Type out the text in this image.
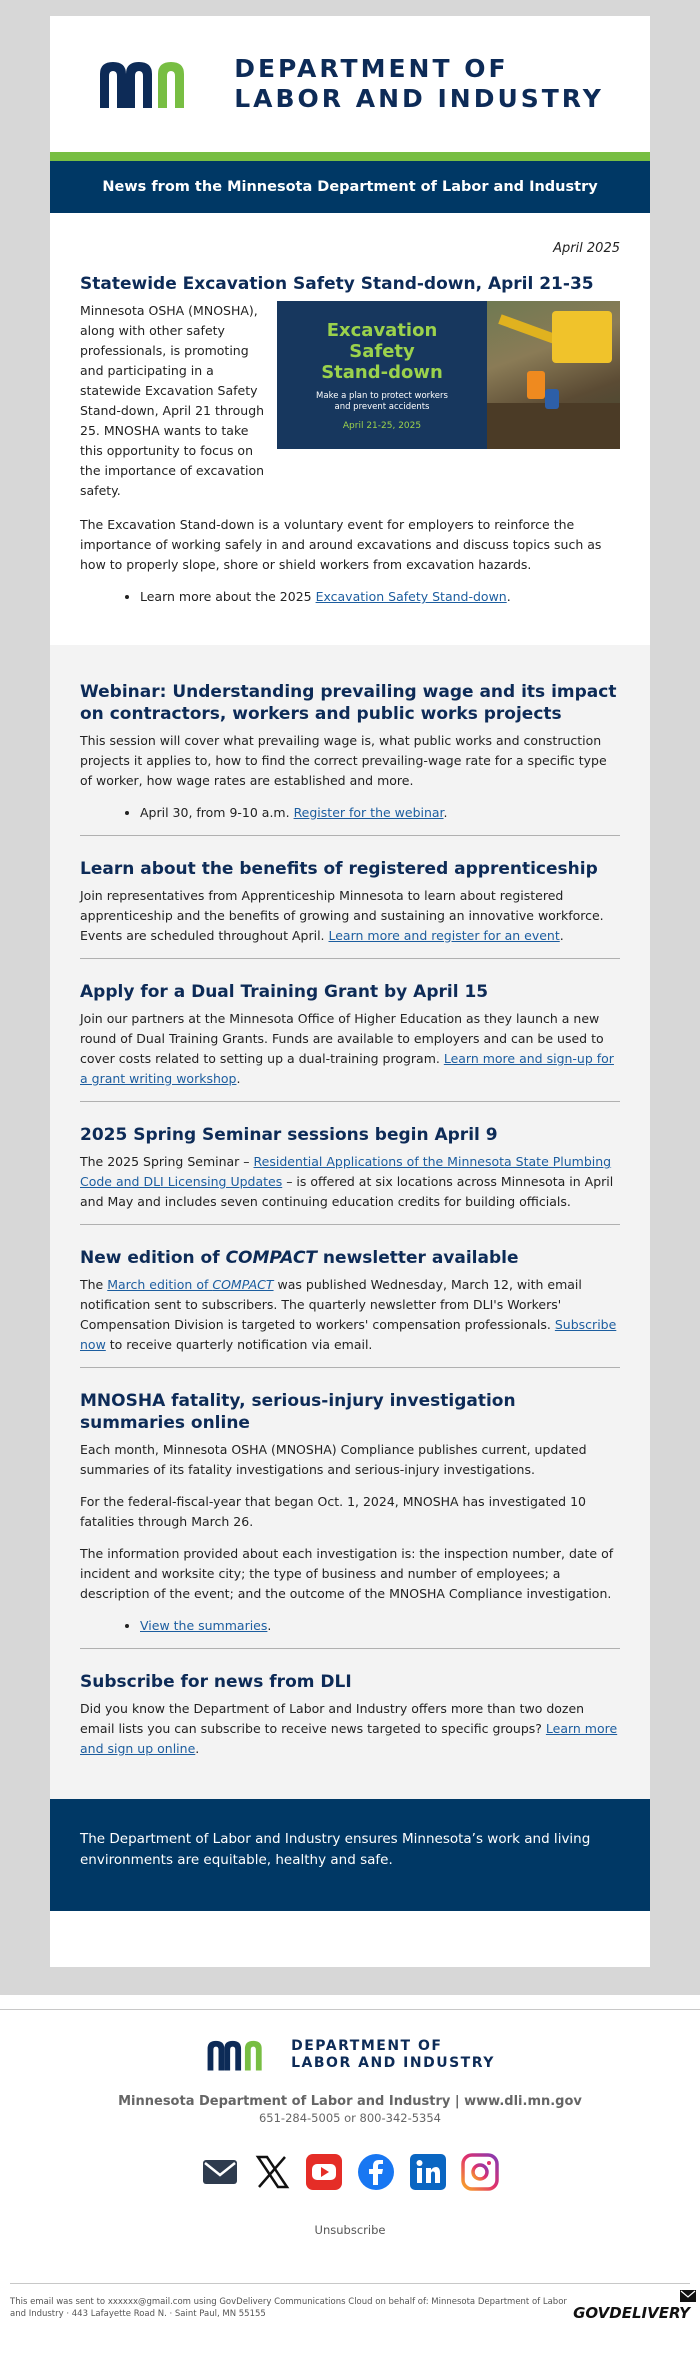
DEPARTMENT OF
LABOR AND INDUSTRY
News from the Minnesota Department of Labor and Industry

April 2025

Statewide Excavation Safety Stand-down, April 21-35

Minnesota OSHA (MNOSHA), along with other safety professionals, is promoting and participating in a statewide Excavation Safety Stand-down, April 21 through 25. MNOSHA wants to take this opportunity to focus on the importance of excavation safety.

Excavation
Safety
Stand-down
Make a plan to protect workers
and prevent accidents
April 21-25, 2025

The Excavation Stand-down is a voluntary event for employers to reinforce the importance of working safely in and around excavations and discuss topics such as how to properly slope, shore or shield workers from excavation hazards.

• Learn more about the 2025 Excavation Safety Stand-down.
Webinar: Understanding prevailing wage and its impact on contractors, workers and public works projects

This session will cover what prevailing wage is, what public works and construction projects it applies to, how to find the correct prevailing-wage rate for a specific type of worker, how wage rates are established and more.

• April 30, from 9-10 a.m. Register for the webinar.
Learn about the benefits of registered apprenticeship

Join representatives from Apprenticeship Minnesota to learn about registered apprenticeship and the benefits of growing and sustaining an innovative workforce. Events are scheduled throughout April. Learn more and register for an event.

Apply for a Dual Training Grant by April 15

Join our partners at the Minnesota Office of Higher Education as they launch a new round of Dual Training Grants. Funds are available to employers and can be used to cover costs related to setting up a dual-training program. Learn more and sign-up for a grant writing workshop.

2025 Spring Seminar sessions begin April 9

The 2025 Spring Seminar – Residential Applications of the Minnesota State Plumbing Code and DLI Licensing Updates – is offered at six locations across Minnesota in April and May and includes seven continuing education credits for building officials.

New edition of COMPACT newsletter available

The March edition of COMPACT was published Wednesday, March 12, with email notification sent to subscribers. The quarterly newsletter from DLI's Workers' Compensation Division is targeted to workers' compensation professionals. Subscribe now to receive quarterly notification via email.

MNOSHA fatality, serious-injury investigation summaries online

Each month, Minnesota OSHA (MNOSHA) Compliance publishes current, updated summaries of its fatality investigations and serious-injury investigations.

For the federal-fiscal-year that began Oct. 1, 2024, MNOSHA has investigated 10 fatalities through March 26.

The information provided about each investigation is: the inspection number, date of incident and worksite city; the type of business and number of employees; a description of the event; and the outcome of the MNOSHA Compliance investigation.

• View the summaries.
Subscribe for news from DLI

Did you know the Department of Labor and Industry offers more than two dozen email lists you can subscribe to receive news targeted to specific groups? Learn more and sign up online.

The Department of Labor and Industry ensures Minnesota’s work and living environments are equitable, healthy and safe.

DEPARTMENT OF
LABOR AND INDUSTRY
Minnesota Department of Labor and Industry | www.dli.mn.gov
651-284-5005 or 800-342-5354
Unsubscribe
This email was sent to xxxxxx@gmail.com using GovDelivery Communications Cloud on behalf of: Minnesota Department of Labor and Industry · 443 Lafayette Road N. · Saint Paul, MN 55155	GOVDELIVERY
